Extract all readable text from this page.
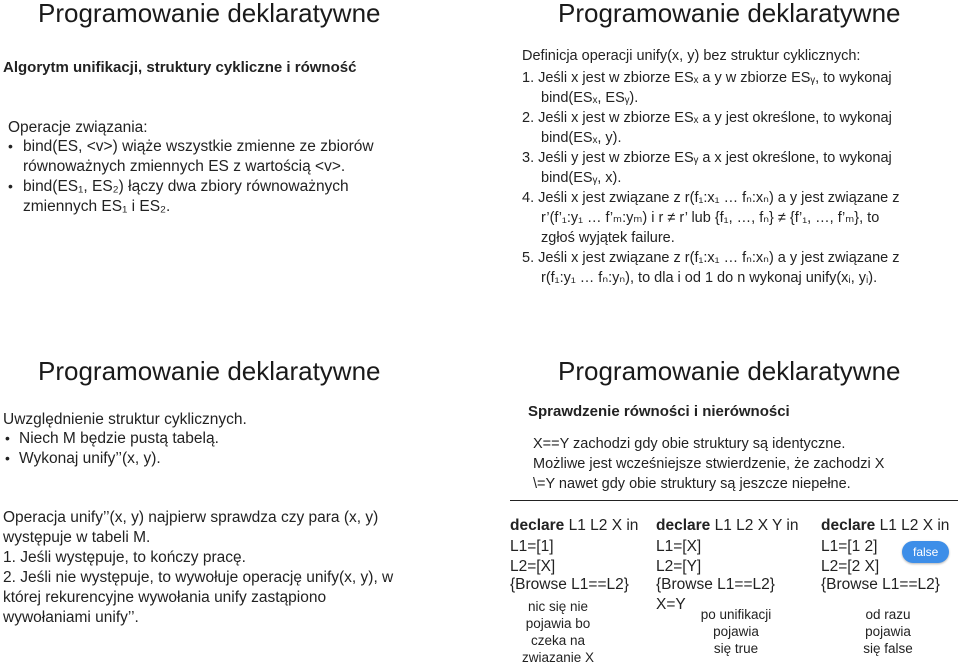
Programowanie deklaratywne
Algorytm unifikacji, struktury cykliczne i równość
Operacje związania:
• bind(ES, <v>) wiąże wszystkie zmienne ze zbiorów
równoważnych zmiennych ES z wartością <v>.
• bind(ES₁, ES₂) łączy dwa zbiory równoważnych
zmiennych ES₁ i ES₂.
Programowanie deklaratywne
Definicja operacji unify(x, y) bez struktur cyklicznych:
1. Jeśli x jest w zbiorze ESₓ a y w zbiorze ESᵧ, to wykonaj
bind(ESₓ, ESᵧ).
2. Jeśli x jest w zbiorze ESₓ a y jest określone, to wykonaj
bind(ESₓ, y).
3. Jeśli y jest w zbiorze ESᵧ a x jest określone, to wykonaj
bind(ESᵧ, x).
4. Jeśli x jest związane z r(f₁:x₁ … fₙ:xₙ) a y jest związane z
r’(f’₁:y₁ … f’ₘ:yₘ) i r ≠ r’ lub {f₁, …, fₙ} ≠ {f’₁, …, f’ₘ}, to
zgłoś wyjątek failure.
5. Jeśli x jest związane z r(f₁:x₁ … fₙ:xₙ) a y jest związane z
r(f₁:y₁ … fₙ:yₙ), to dla i od 1 do n wykonaj unify(xᵢ, yᵢ).
Programowanie deklaratywne
Uwzględnienie struktur cyklicznych.
• Niech M będzie pustą tabelą.
• Wykonaj unify’’(x, y).
Operacja unify’’(x, y) najpierw sprawdza czy para (x, y)
występuje w tabeli M.
1. Jeśli występuje, to kończy pracę.
2. Jeśli nie występuje, to wywołuje operację unify(x, y), w
której rekurencyjne wywołania unify zastąpiono
wywołaniami unify’’.
Programowanie deklaratywne
Sprawdzenie równości i nierówności
X==Y zachodzi gdy obie struktury są identyczne.
Możliwe jest wcześniejsze stwierdzenie, że zachodzi X
\=Y nawet gdy obie struktury są jeszcze niepełne.
declare L1 L2 X in
L1=[1]
L2=[X]
{Browse L1==L2}
nic się nie
pojawia bo
czeka na
zwiazanie X
declare L1 L2 X Y in
L1=[X]
L2=[Y]
{Browse L1==L2}
X=Y
po unifikacji
pojawia
się true
declare L1 L2 X in
L1=[1 2]
L2=[2 X]
{Browse L1==L2}
false
od razu
pojawia
się false
